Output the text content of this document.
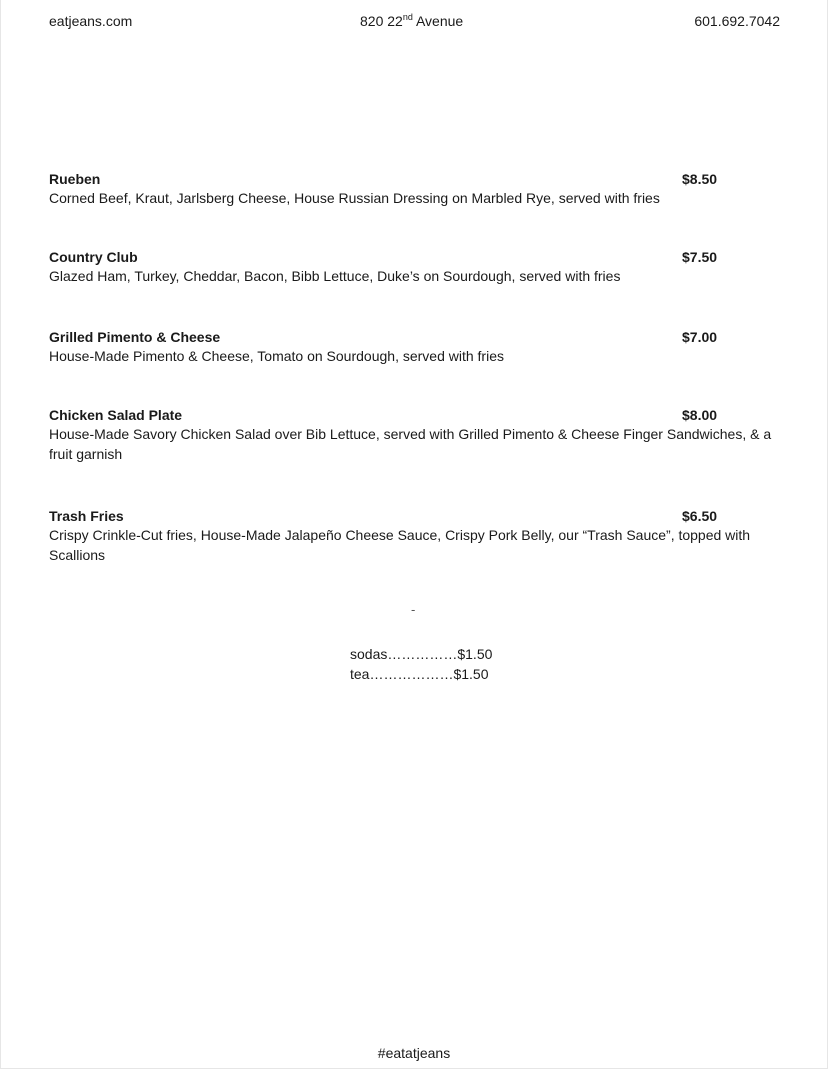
eatjeans.com	820 22nd Avenue	601.692.7042
Rueben	$8.50
Corned Beef, Kraut, Jarlsberg Cheese, House Russian Dressing on Marbled Rye, served with fries
Country Club	$7.50
Glazed Ham, Turkey, Cheddar, Bacon, Bibb Lettuce, Duke’s on Sourdough, served with fries
Grilled Pimento & Cheese	$7.00
House-Made Pimento & Cheese, Tomato on Sourdough, served with fries
Chicken Salad Plate	$8.00
House-Made Savory Chicken Salad over Bib Lettuce, served with Grilled Pimento & Cheese Finger Sandwiches, & a fruit garnish
Trash Fries	$6.50
Crispy Crinkle-Cut fries, House-Made Jalapeño Cheese Sauce, Crispy Pork Belly, our “Trash Sauce”, topped with Scallions
-
sodas……………$1.50
tea………………$1.50
#eatatjeans
